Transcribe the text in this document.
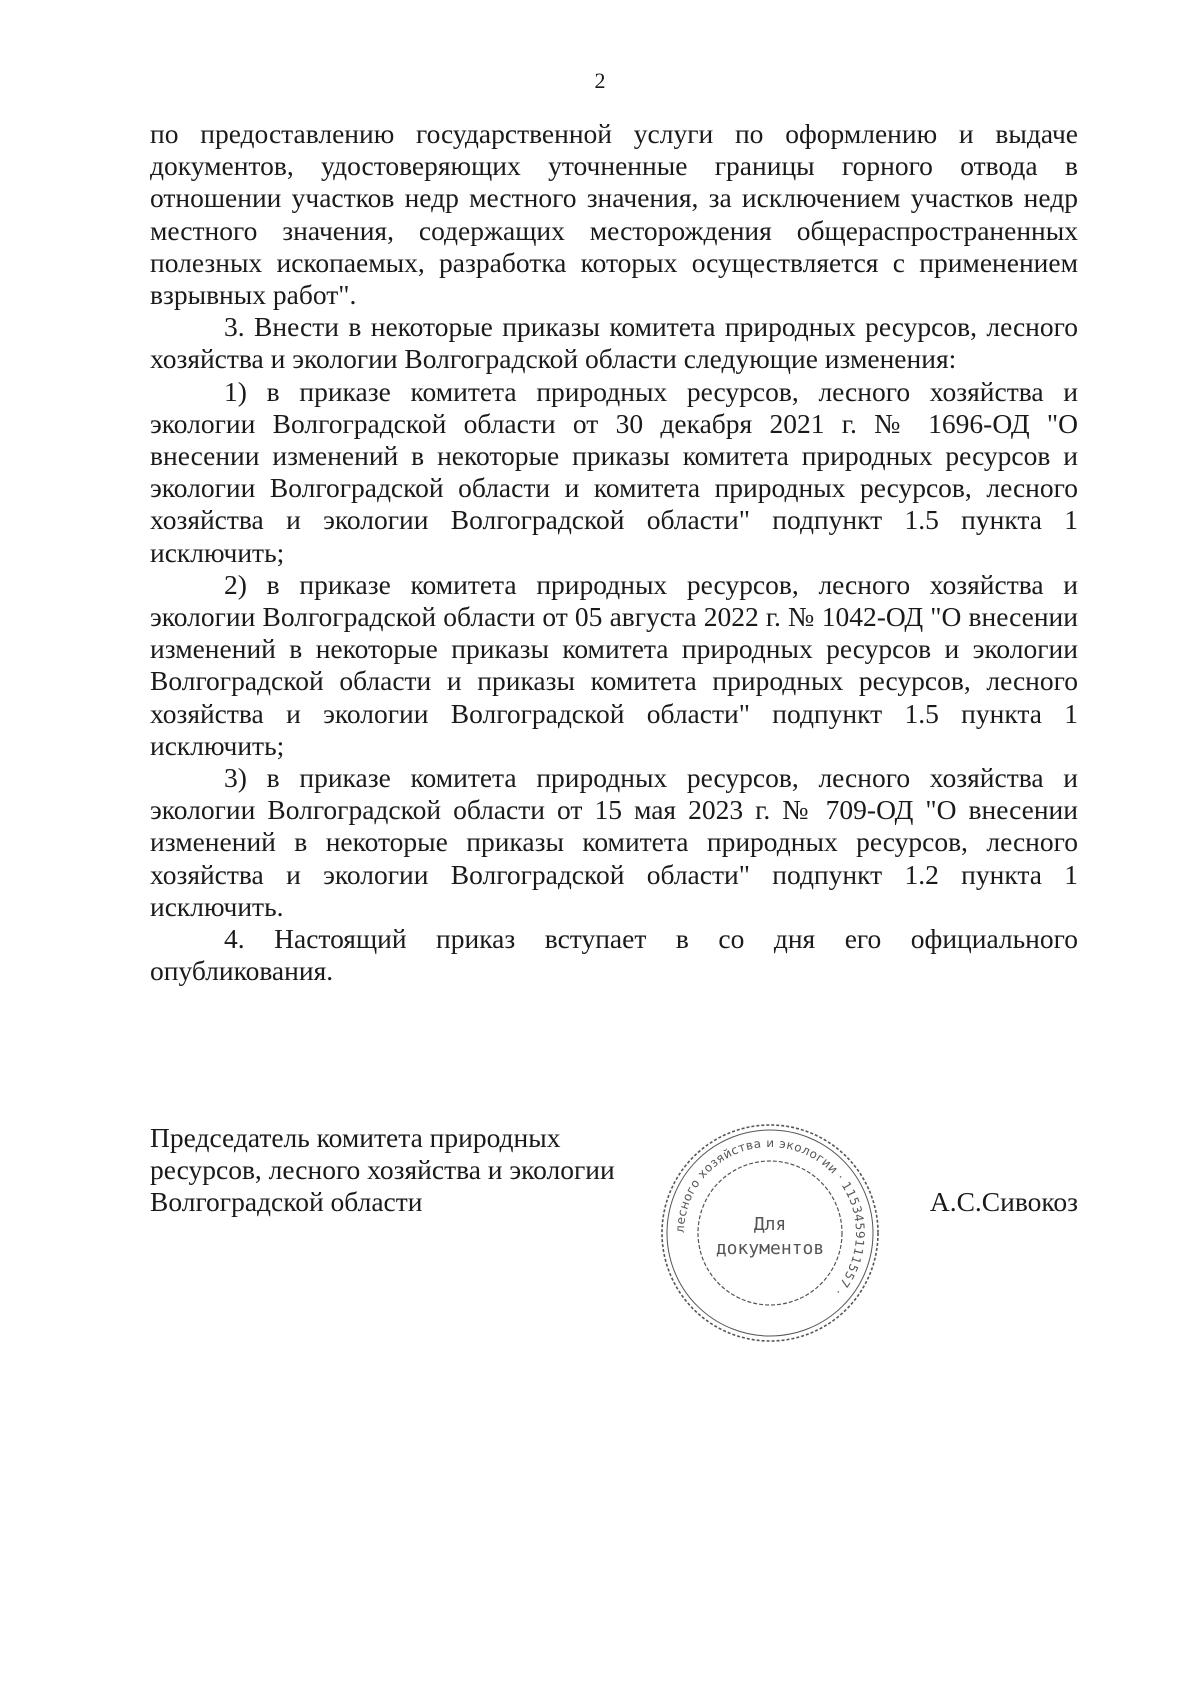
2

по предоставлению государственной услуги по оформлению и выдаче документов, удостоверяющих уточненные границы горного отвода в отношении участков недр местного значения, за исключением участков недр местного значения, содержащих месторождения общераспространенных полезных ископаемых, разработка которых осуществляется с применением взрывных работ".

3. Внести в некоторые приказы комитета природных ресурсов, лесного хозяйства и экологии Волгоградской области следующие изменения:

1) в приказе комитета природных ресурсов, лесного хозяйства и экологии Волгоградской области от 30 декабря 2021 г. № 1696-ОД "О внесении изменений в некоторые приказы комитета природных ресурсов и экологии Волгоградской области и комитета природных ресурсов, лесного хозяйства и экологии Волгоградской области" подпункт 1.5 пункта 1 исключить;

2) в приказе комитета природных ресурсов, лесного хозяйства и экологии Волгоградской области от 05 августа 2022 г. № 1042-ОД "О внесении изменений в некоторые приказы комитета природных ресурсов и экологии Волгоградской области и приказы комитета природных ресурсов, лесного хозяйства и экологии Волгоградской области" подпункт 1.5 пункта 1 исключить;

3) в приказе комитета природных ресурсов, лесного хозяйства и экологии Волгоградской области от 15 мая 2023 г. № 709-ОД "О внесении изменений в некоторые приказы комитета природных ресурсов, лесного хозяйства и экологии Волгоградской области" подпункт 1.2 пункта 1 исключить.

4. Настоящий приказ вступает в со дня его официального опубликования.

Председатель комитета природных
ресурсов, лесного хозяйства и экологии
Волгоградской области
лесного хозяйства и экологии · 1153459111557 ·
Для
документов
А.С.Сивокоз
